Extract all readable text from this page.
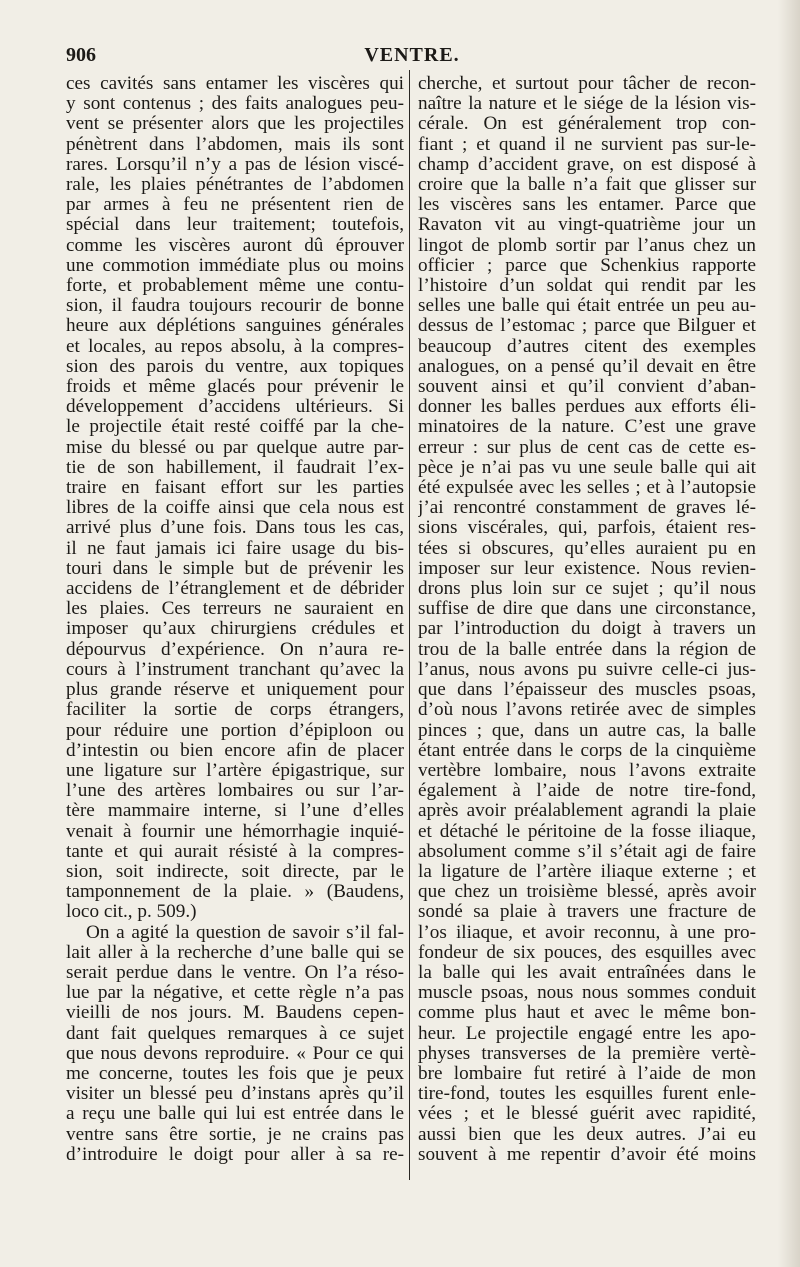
906	VENTRE.
ces cavités sans entamer les viscères qui
y sont contenus ; des faits analogues peu-
vent se présenter alors que les projectiles
pénètrent dans l’abdomen, mais ils sont
rares. Lorsqu’il n’y a pas de lésion viscé-
rale, les plaies pénétrantes de l’abdomen
par armes à feu ne présentent rien de
spécial dans leur traitement; toutefois,
comme les viscères auront dû éprouver
une commotion immédiate plus ou moins
forte, et probablement même une contu-
sion, il faudra toujours recourir de bonne
heure aux déplétions sanguines générales
et locales, au repos absolu, à la compres-
sion des parois du ventre, aux topiques
froids et même glacés pour prévenir le
développement d’accidens ultérieurs. Si
le projectile était resté coiffé par la che-
mise du blessé ou par quelque autre par-
tie de son habillement, il faudrait l’ex-
traire en faisant effort sur les parties
libres de la coiffe ainsi que cela nous est
arrivé plus d’une fois. Dans tous les cas,
il ne faut jamais ici faire usage du bis-
touri dans le simple but de prévenir les
accidens de l’étranglement et de débrider
les plaies. Ces terreurs ne sauraient en
imposer qu’aux chirurgiens crédules et
dépourvus d’expérience. On n’aura re-
cours à l’instrument tranchant qu’avec la
plus grande réserve et uniquement pour
faciliter la sortie de corps étrangers,
pour réduire une portion d’épiploon ou
d’intestin ou bien encore afin de placer
une ligature sur l’artère épigastrique, sur
l’une des artères lombaires ou sur l’ar-
tère mammaire interne, si l’une d’elles
venait à fournir une hémorrhagie inquié-
tante et qui aurait résisté à la compres-
sion, soit indirecte, soit directe, par le
tamponnement de la plaie. » (Baudens,
loco cit., p. 509.)
On a agité la question de savoir s’il fal-
lait aller à la recherche d’une balle qui se
serait perdue dans le ventre. On l’a réso-
lue par la négative, et cette règle n’a pas
vieilli de nos jours. M. Baudens cepen-
dant fait quelques remarques à ce sujet
que nous devons reproduire. « Pour ce qui
me concerne, toutes les fois que je peux
visiter un blessé peu d’instans après qu’il
a reçu une balle qui lui est entrée dans le
ventre sans être sortie, je ne crains pas
d’introduire le doigt pour aller à sa re-
cherche, et surtout pour tâcher de recon-
naître la nature et le siége de la lésion vis-
cérale. On est généralement trop con-
fiant ; et quand il ne survient pas sur-le-
champ d’accident grave, on est disposé à
croire que la balle n’a fait que glisser sur
les viscères sans les entamer. Parce que
Ravaton vit au vingt-quatrième jour un
lingot de plomb sortir par l’anus chez un
officier ; parce que Schenkius rapporte
l’histoire d’un soldat qui rendit par les
selles une balle qui était entrée un peu au-
dessus de l’estomac ; parce que Bilguer et
beaucoup d’autres citent des exemples
analogues, on a pensé qu’il devait en être
souvent ainsi et qu’il convient d’aban-
donner les balles perdues aux efforts éli-
minatoires de la nature. C’est une grave
erreur : sur plus de cent cas de cette es-
pèce je n’ai pas vu une seule balle qui ait
été expulsée avec les selles ; et à l’autopsie
j’ai rencontré constamment de graves lé-
sions viscérales, qui, parfois, étaient res-
tées si obscures, qu’elles auraient pu en
imposer sur leur existence. Nous revien-
drons plus loin sur ce sujet ; qu’il nous
suffise de dire que dans une circonstance,
par l’introduction du doigt à travers un
trou de la balle entrée dans la région de
l’anus, nous avons pu suivre celle-ci jus-
que dans l’épaisseur des muscles psoas,
d’où nous l’avons retirée avec de simples
pinces ; que, dans un autre cas, la balle
étant entrée dans le corps de la cinquième
vertèbre lombaire, nous l’avons extraite
également à l’aide de notre tire-fond,
après avoir préalablement agrandi la plaie
et détaché le péritoine de la fosse iliaque,
absolument comme s’il s’était agi de faire
la ligature de l’artère iliaque externe ; et
que chez un troisième blessé, après avoir
sondé sa plaie à travers une fracture de
l’os iliaque, et avoir reconnu, à une pro-
fondeur de six pouces, des esquilles avec
la balle qui les avait entraînées dans le
muscle psoas, nous nous sommes conduit
comme plus haut et avec le même bon-
heur. Le projectile engagé entre les apo-
physes transverses de la première vertè-
bre lombaire fut retiré à l’aide de mon
tire-fond, toutes les esquilles furent enle-
vées ; et le blessé guérit avec rapidité,
aussi bien que les deux autres. J’ai eu
souvent à me repentir d’avoir été moins
